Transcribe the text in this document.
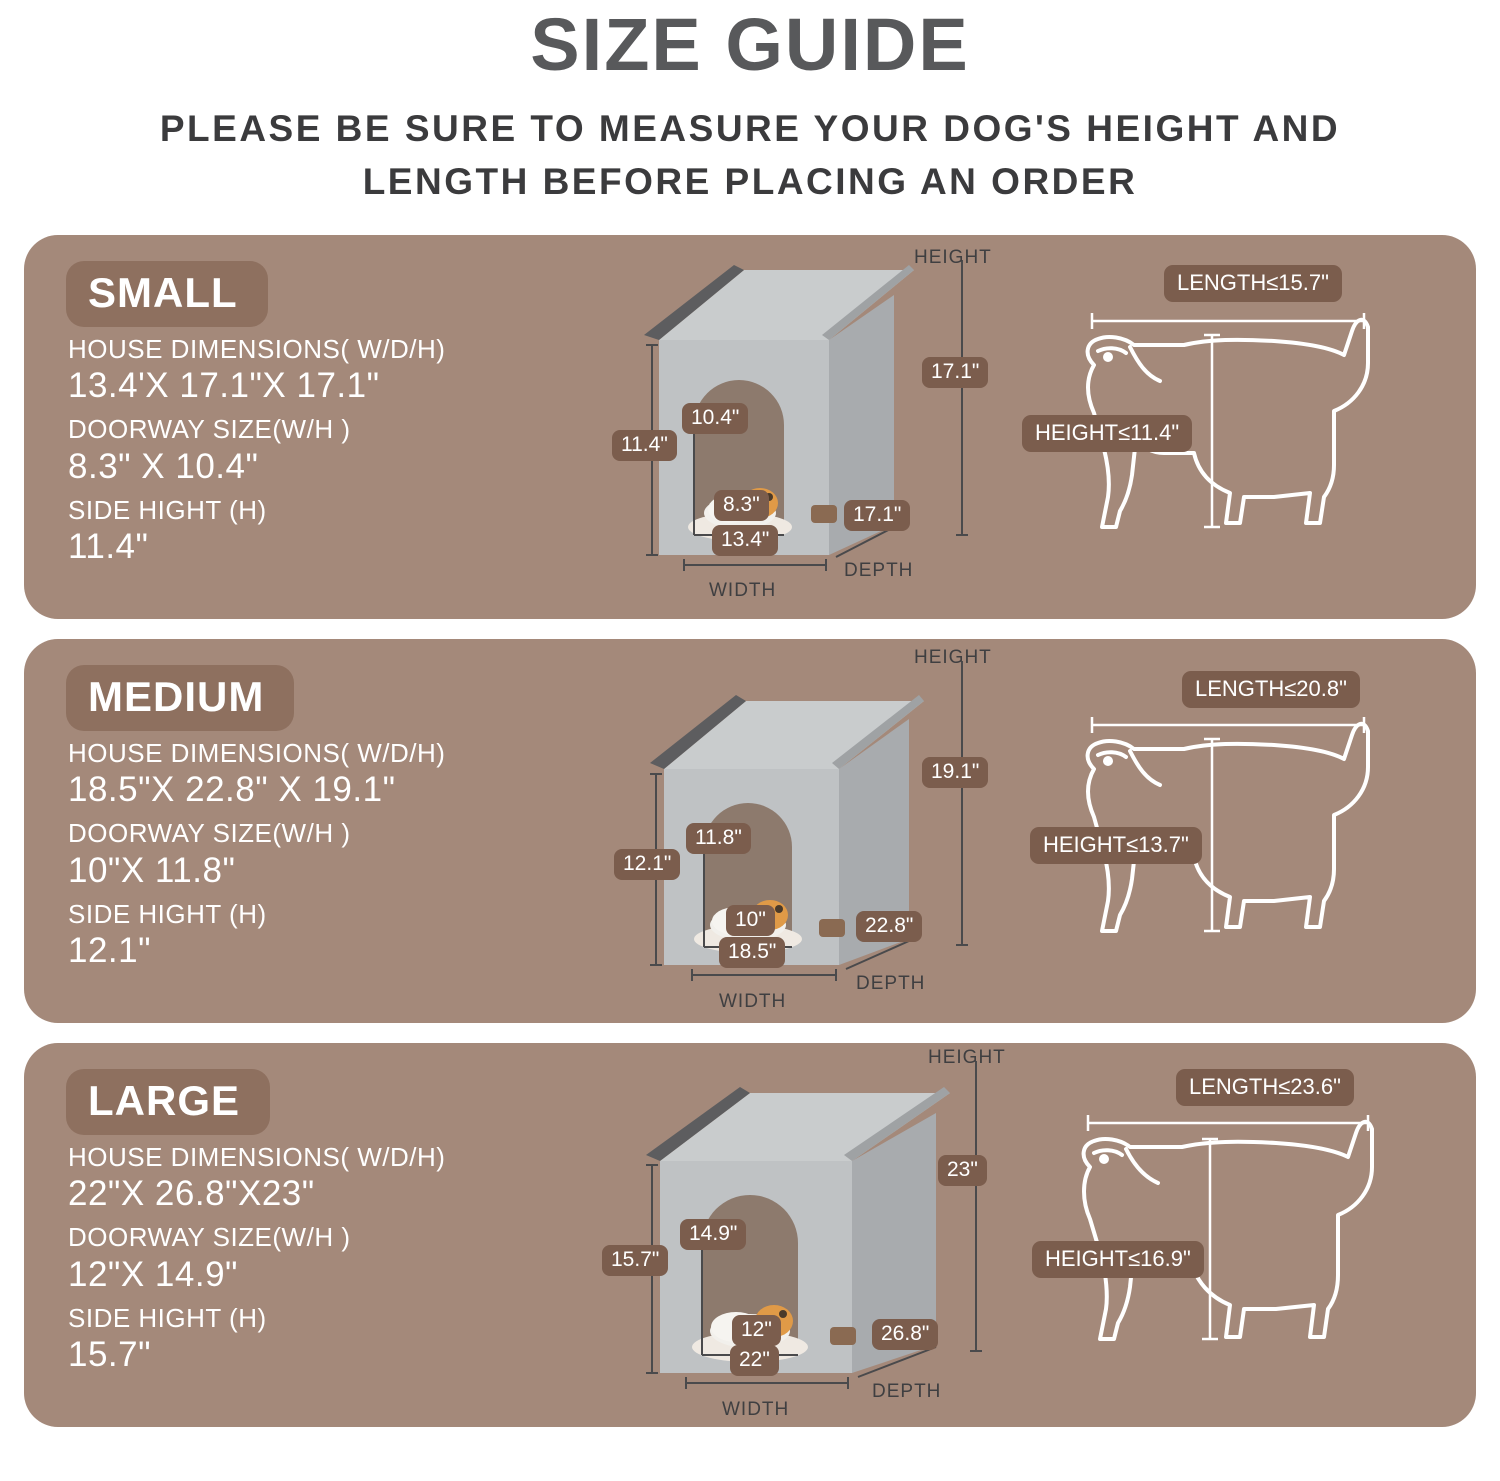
SIZE GUIDE
PLEASE BE SURE TO MEASURE YOUR DOG'S HEIGHT AND LENGTH BEFORE PLACING AN ORDER
SMALL
HOUSE DIMENSIONS( W/D/H)
13.4'X 17.1"X 17.1"
DOORWAY SIZE(W/H )
8.3" X 10.4"
SIDE HIGHT (H)
11.4"
HEIGHT
WIDTH
DEPTH
10.4"
11.4"
8.3"
13.4"
17.1"
17.1"
LENGTH≤15.7"
HEIGHT≤11.4"
MEDIUM
HOUSE DIMENSIONS( W/D/H)
18.5"X 22.8" X 19.1"
DOORWAY SIZE(W/H )
10"X 11.8"
SIDE HIGHT (H)
12.1"
HEIGHT
WIDTH
DEPTH
11.8"
12.1"
10"
18.5"
22.8"
19.1"
LENGTH≤20.8"
HEIGHT≤13.7"
LARGE
HOUSE DIMENSIONS( W/D/H)
22"X 26.8"X23"
DOORWAY SIZE(W/H )
12"X 14.9"
SIDE HIGHT (H)
15.7"
HEIGHT
WIDTH
DEPTH
14.9"
15.7"
12"
22"
26.8"
23"
LENGTH≤23.6"
HEIGHT≤16.9"
